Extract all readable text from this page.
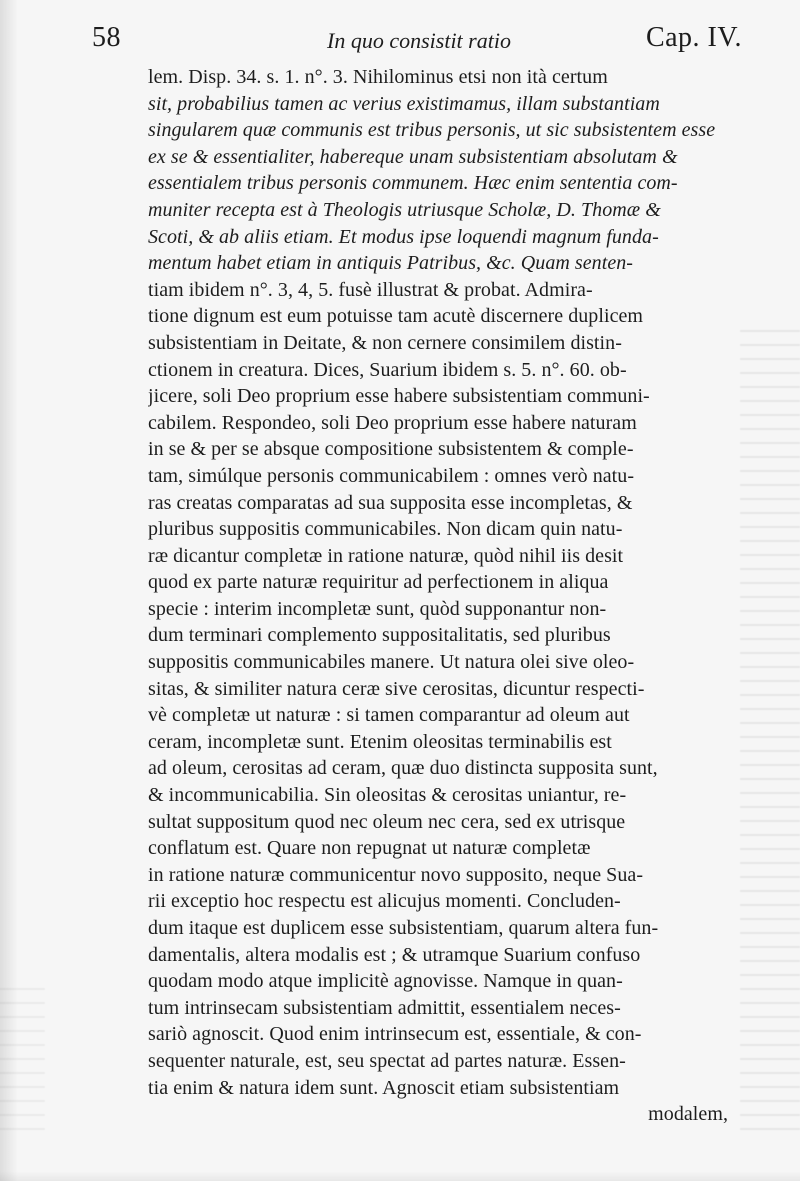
58	In quo consistit ratio	Cap. IV.
lem. Disp. 34. s. 1. n°. 3. Nihilominus etsi non ità certum
sit, probabilius tamen ac verius existimamus, illam substantiam
singularem quæ communis est tribus personis, ut sic subsistentem esse
ex se & essentialiter, habereque unam subsistentiam absolutam &
essentialem tribus personis communem. Hæc enim sententia com-
muniter recepta est à Theologis utriusque Scholæ, D. Thomæ &
Scoti, & ab aliis etiam. Et modus ipse loquendi magnum funda-
mentum habet etiam in antiquis Patribus, &c. Quam senten-
tiam ibidem n°. 3, 4, 5. fusè illustrat & probat. Admira-
tione dignum est eum potuisse tam acutè discernere duplicem
subsistentiam in Deitate, & non cernere consimilem distin-
ctionem in creatura. Dices, Suarium ibidem s. 5. n°. 60. ob-
jicere, soli Deo proprium esse habere subsistentiam communi-
cabilem. Respondeo, soli Deo proprium esse habere naturam
in se & per se absque compositione subsistentem & comple-
tam, simúlque personis communicabilem : omnes verò natu-
ras creatas comparatas ad sua supposita esse incompletas, &
pluribus suppositis communicabiles. Non dicam quin natu-
ræ dicantur completæ in ratione naturæ, quòd nihil iis desit
quod ex parte naturæ requiritur ad perfectionem in aliqua
specie : interim incompletæ sunt, quòd supponantur non-
dum terminari complemento suppositalitatis, sed pluribus
suppositis communicabiles manere. Ut natura olei sive oleo-
sitas, & similiter natura ceræ sive cerositas, dicuntur respecti-
vè completæ ut naturæ : si tamen comparantur ad oleum aut
ceram, incompletæ sunt. Etenim oleositas terminabilis est
ad oleum, cerositas ad ceram, quæ duo distincta supposita sunt,
& incommunicabilia. Sin oleositas & cerositas uniantur, re-
sultat suppositum quod nec oleum nec cera, sed ex utrisque
conflatum est. Quare non repugnat ut naturæ completæ
in ratione naturæ communicentur novo supposito, neque Sua-
rii exceptio hoc respectu est alicujus momenti. Concluden-
dum itaque est duplicem esse subsistentiam, quarum altera fun-
damentalis, altera modalis est ; & utramque Suarium confuso
quodam modo atque implicitè agnovisse. Namque in quan-
tum intrinsecam subsistentiam admittit, essentialem neces-
sariò agnoscit. Quod enim intrinsecum est, essentiale, & con-
sequenter naturale, est, seu spectat ad partes naturæ. Essen-
tia enim & natura idem sunt. Agnoscit etiam subsistentiam
modalem,
